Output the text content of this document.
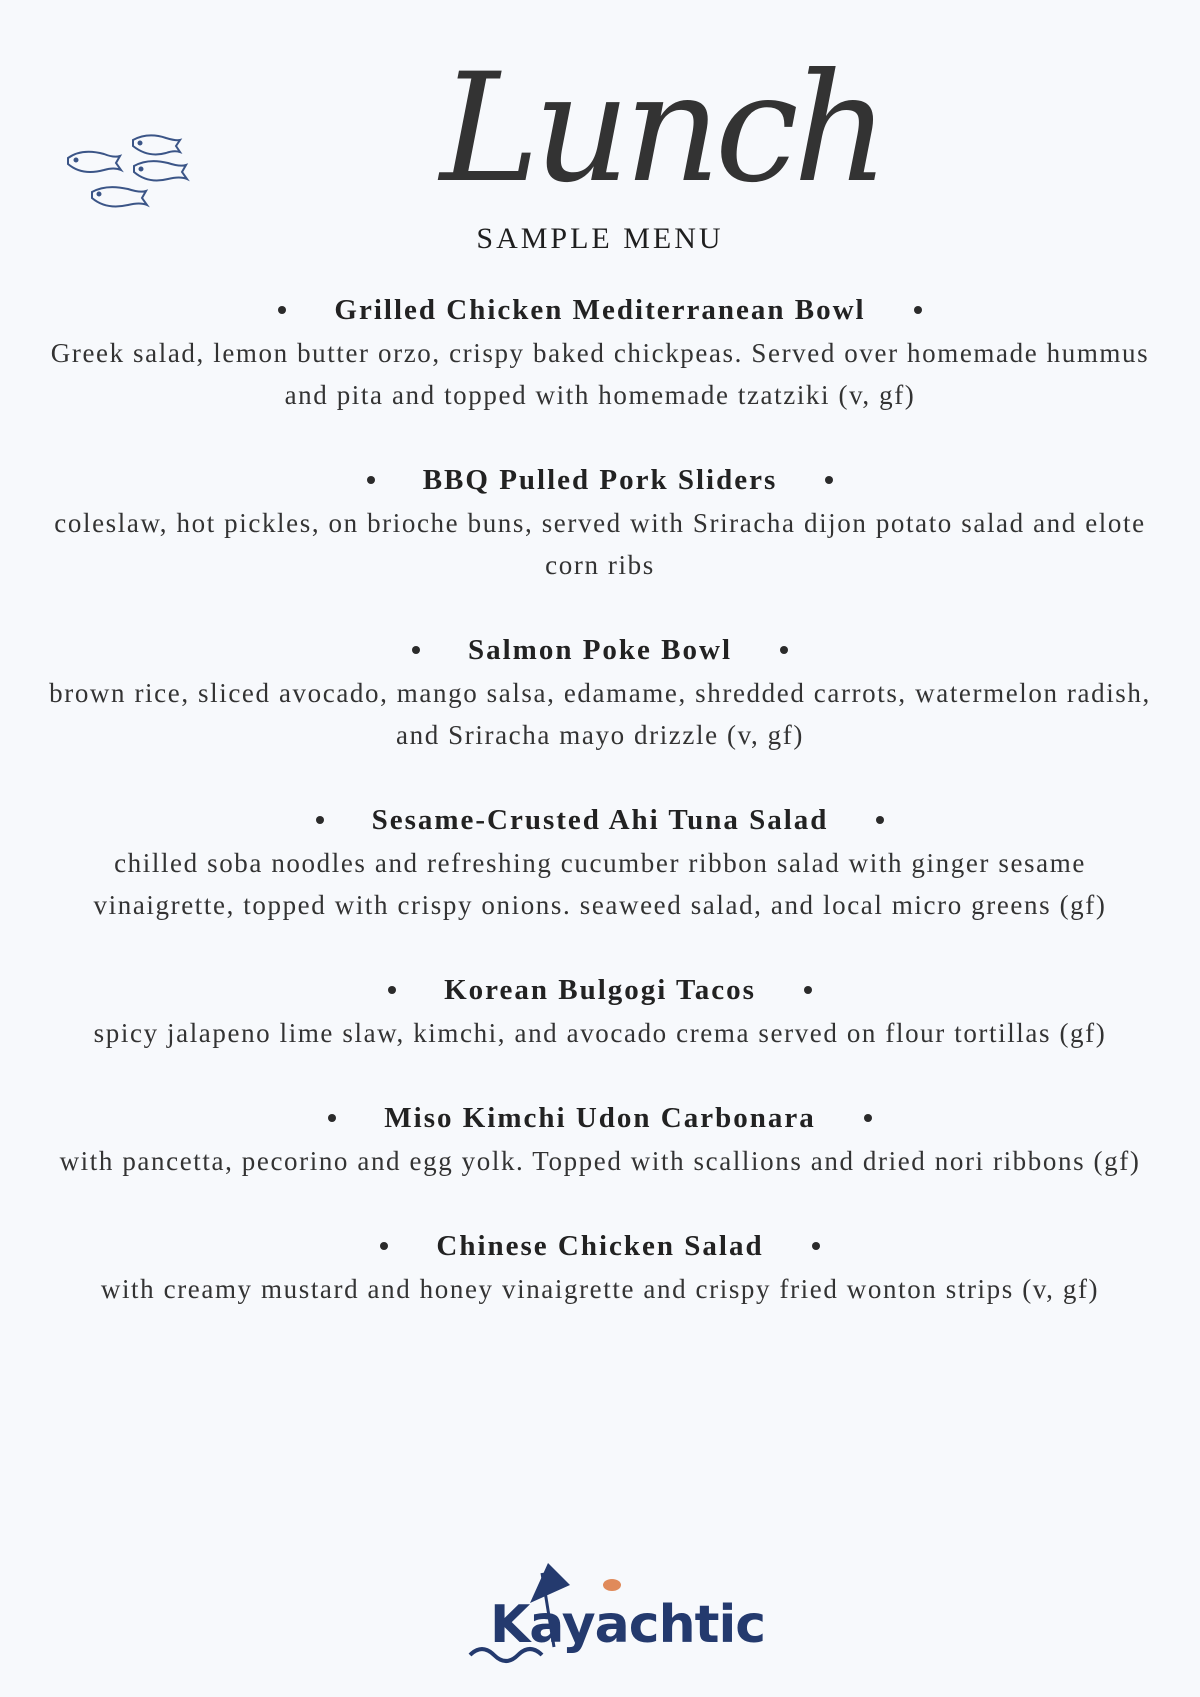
Lunch
SAMPLE MENU
Grilled Chicken Mediterranean Bowl
Greek salad, lemon butter orzo, crispy baked chickpeas. Served over homemade hummus and pita and topped with homemade tzatziki (v, gf)
BBQ Pulled Pork Sliders
coleslaw, hot pickles, on brioche buns, served with Sriracha dijon potato salad and elote corn ribs
Salmon Poke Bowl
brown rice, sliced avocado, mango salsa, edamame, shredded carrots, watermelon radish, and Sriracha mayo drizzle (v, gf)
Sesame-Crusted Ahi Tuna Salad
chilled soba noodles and refreshing cucumber ribbon salad with ginger sesame vinaigrette, topped with crispy onions. seaweed salad, and local micro greens (gf)
Korean Bulgogi Tacos
spicy jalapeno lime slaw, kimchi, and avocado crema served on flour tortillas (gf)
Miso Kimchi Udon Carbonara
with pancetta, pecorino and egg yolk. Topped with scallions and dried nori ribbons (gf)
Chinese Chicken Salad
with creamy mustard and honey vinaigrette and crispy fried wonton strips (v, gf)
Kayachtic
